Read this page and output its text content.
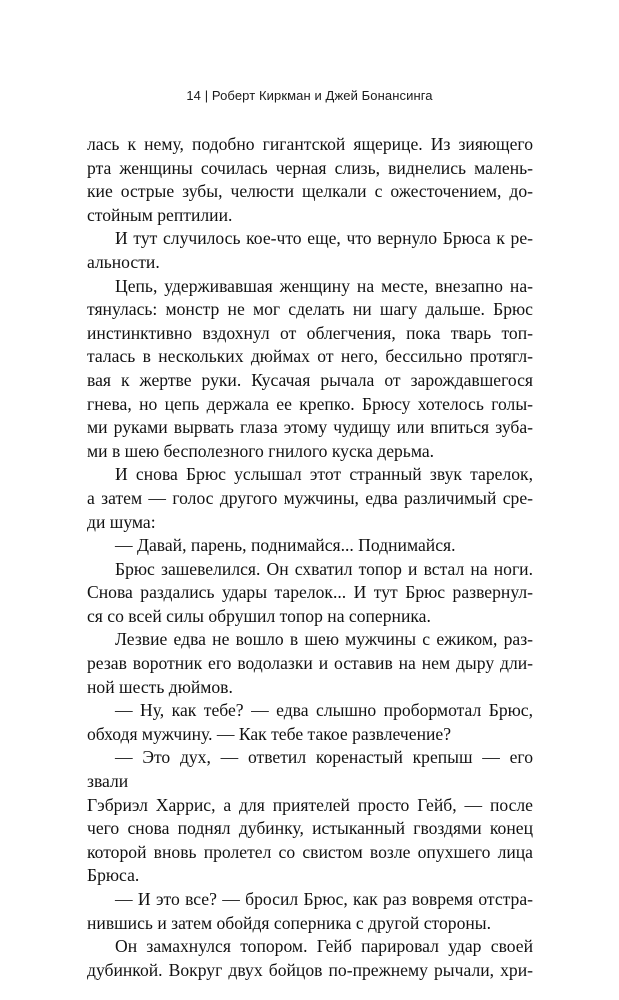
14 | Роберт Киркман и Джей Бонансинга

лась к нему, подобно гигантской ящерице. Из зияющего

рта женщины сочилась черная слизь, виднелись малень-

кие острые зубы, челюсти щелкали с ожесточением, до-

стойным рептилии.

И тут случилось кое-что еще, что вернуло Брюса к ре-

альности.

Цепь, удерживавшая женщину на месте, внезапно на-

тянулась: монстр не мог сделать ни шагу дальше. Брюс

инстинктивно вздохнул от облегчения, пока тварь топ-

талась в нескольких дюймах от него, бессильно протягл-

вая к жертве руки. Кусачая рычала от зарождавшегося

гнева, но цепь держала ее крепко. Брюсу хотелось голы-

ми руками вырвать глаза этому чудищу или впиться зуба-

ми в шею бесполезного гнилого куска дерьма.

И снова Брюс услышал этот странный звук тарелок,

а затем — голос другого мужчины, едва различимый сре-

ди шума:

— Давай, парень, поднимайся... Поднимайся.

Брюс зашевелился. Он схватил топор и встал на ноги.

Снова раздались удары тарелок... И тут Брюс развернул-

ся со всей силы обрушил топор на соперника.

Лезвие едва не вошло в шею мужчины с ежиком, раз-

резав воротник его водолазки и оставив на нем дыру дли-

ной шесть дюймов.

— Ну, как тебе? — едва слышно пробормотал Брюс,

обходя мужчину. — Как тебе такое развлечение?

— Это дух, — ответил коренастый крепыш — его звали

Гэбриэл Харрис, а для приятелей просто Гейб, — после

чего снова поднял дубинку, истыканный гвоздями конец

которой вновь пролетел со свистом возле опухшего лица

Брюса.

— И это все? — бросил Брюс, как раз вовремя отстра-

нившись и затем обойдя соперника с другой стороны.

Он замахнулся топором. Гейб парировал удар своей

дубинкой. Вокруг двух бойцов по-прежнему рычали, хри-
